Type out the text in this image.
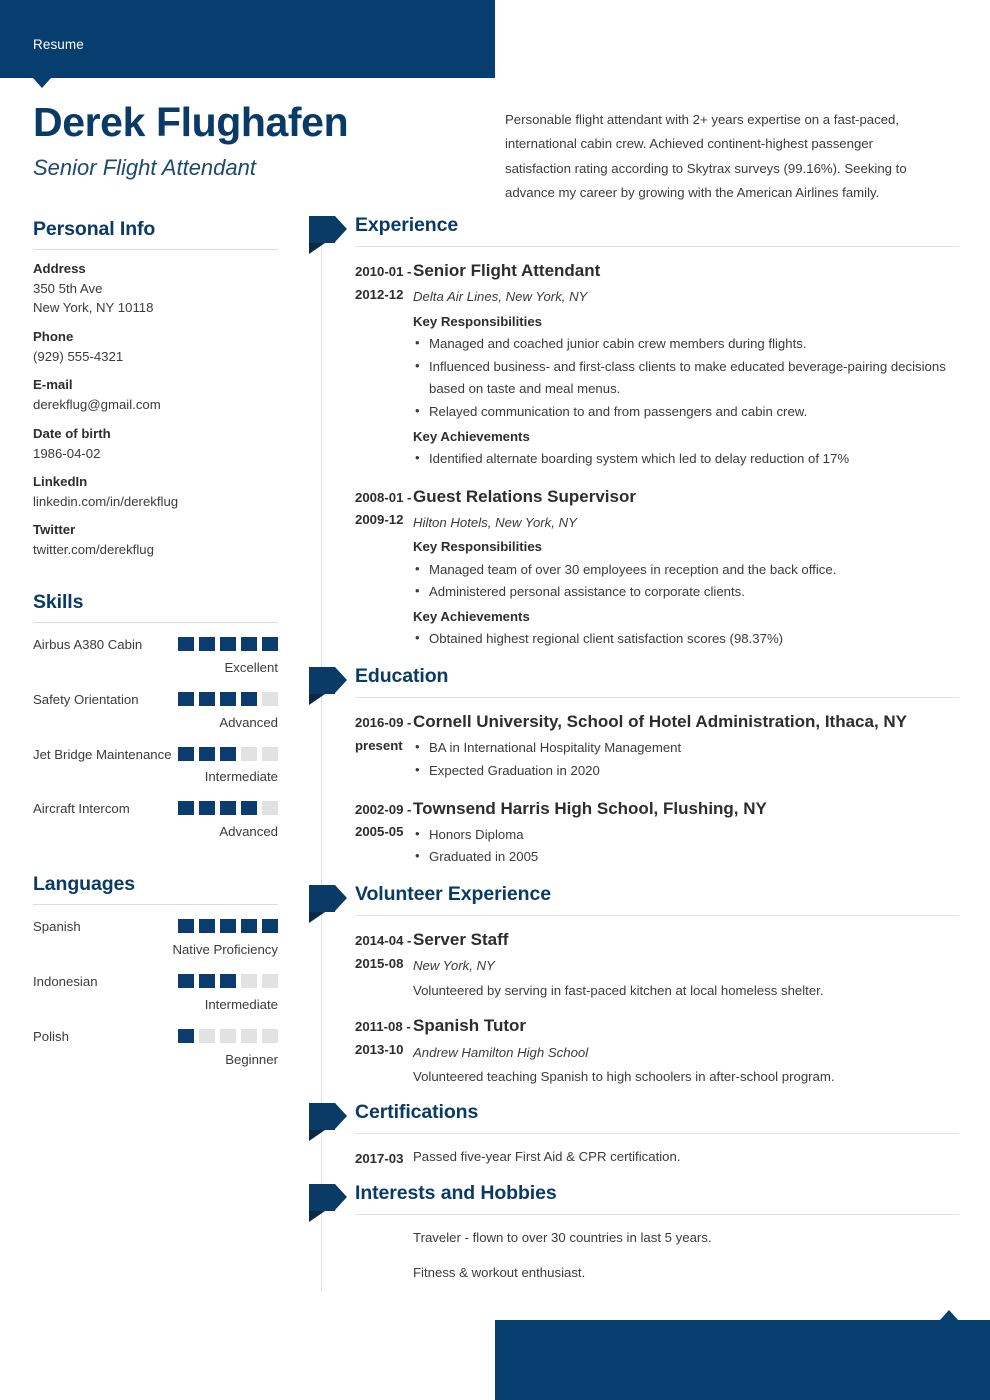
Resume
Derek Flughafen
Senior Flight Attendant
Personable flight attendant with 2+ years expertise on a fast-paced, international cabin crew. Achieved continent-highest passenger satisfaction rating according to Skytrax surveys (99.16%). Seeking to advance my career by growing with the American Airlines family.
Personal Info
Address
350 5th Ave
New York, NY 10118
Phone
(929) 555-4321
E-mail
derekflug@gmail.com
Date of birth
1986-04-02
LinkedIn
linkedin.com/in/derekflug
Twitter
twitter.com/derekflug
Skills
Airbus A380 Cabin
Excellent
Safety Orientation
Advanced
Jet Bridge Maintenance
Intermediate
Aircraft Intercom
Advanced
Languages
Spanish
Native Proficiency
Indonesian
Intermediate
Polish
Beginner
Experience
2010-01 -
2012-12
Senior Flight Attendant
Delta Air Lines, New York, NY
Key Responsibilities
• Managed and coached junior cabin crew members during flights.
• Influenced business- and first-class clients to make educated beverage-pairing decisions based on taste and meal menus.
• Relayed communication to and from passengers and cabin crew.
Key Achievements
• Identified alternate boarding system which led to delay reduction of 17%
2008-01 -
2009-12
Guest Relations Supervisor
Hilton Hotels, New York, NY
Key Responsibilities
• Managed team of over 30 employees in reception and the back office.
• Administered personal assistance to corporate clients.
Key Achievements
• Obtained highest regional client satisfaction scores (98.37%)
Education
2016-09 -
present
Cornell University, School of Hotel Administration, Ithaca, NY
• BA in International Hospitality Management
• Expected Graduation in 2020
2002-09 -
2005-05
Townsend Harris High School, Flushing, NY
• Honors Diploma
• Graduated in 2005
Volunteer Experience
2014-04 -
2015-08
Server Staff
New York, NY
Volunteered by serving in fast-paced kitchen at local homeless shelter.
2011-08 -
2013-10
Spanish Tutor
Andrew Hamilton High School
Volunteered teaching Spanish to high schoolers in after-school program.
Certifications
2017-03 Passed five-year First Aid & CPR certification.
Interests and Hobbies
Traveler - flown to over 30 countries in last 5 years.
Fitness & workout enthusiast.
